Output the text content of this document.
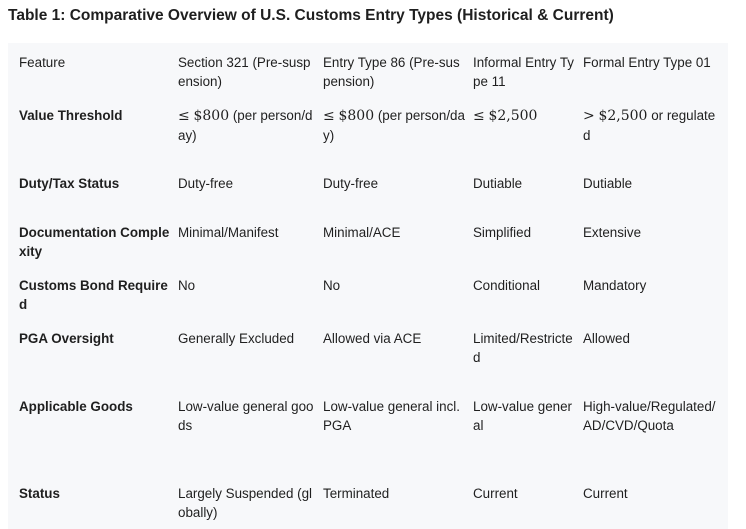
Table 1: Comparative Overview of U.S. Customs Entry Types (Historical & Current)
Feature	Section 321 (Pre-suspension)	Entry Type 86 (Pre-suspension)	Informal Entry Type 11	Formal Entry Type 01
Value Threshold	≤ $800 (per person/day)	≤ $800 (per person/day)	≤ $2,500	> $2,500 or regulated
Duty/Tax Status	Duty-free	Duty-free	Dutiable	Dutiable
Documentation Complexity	Minimal/Manifest	Minimal/ACE	Simplified	Extensive
Customs Bond Required	No	No	Conditional	Mandatory
PGA Oversight	Generally Excluded	Allowed via ACE	Limited/Restricted	Allowed
Applicable Goods	Low-value general goods	Low-value general incl. PGA	Low-value general	High-value/Regulated/AD/CVD/Quota
Status	Largely Suspended (globally)	Terminated	Current	Current
